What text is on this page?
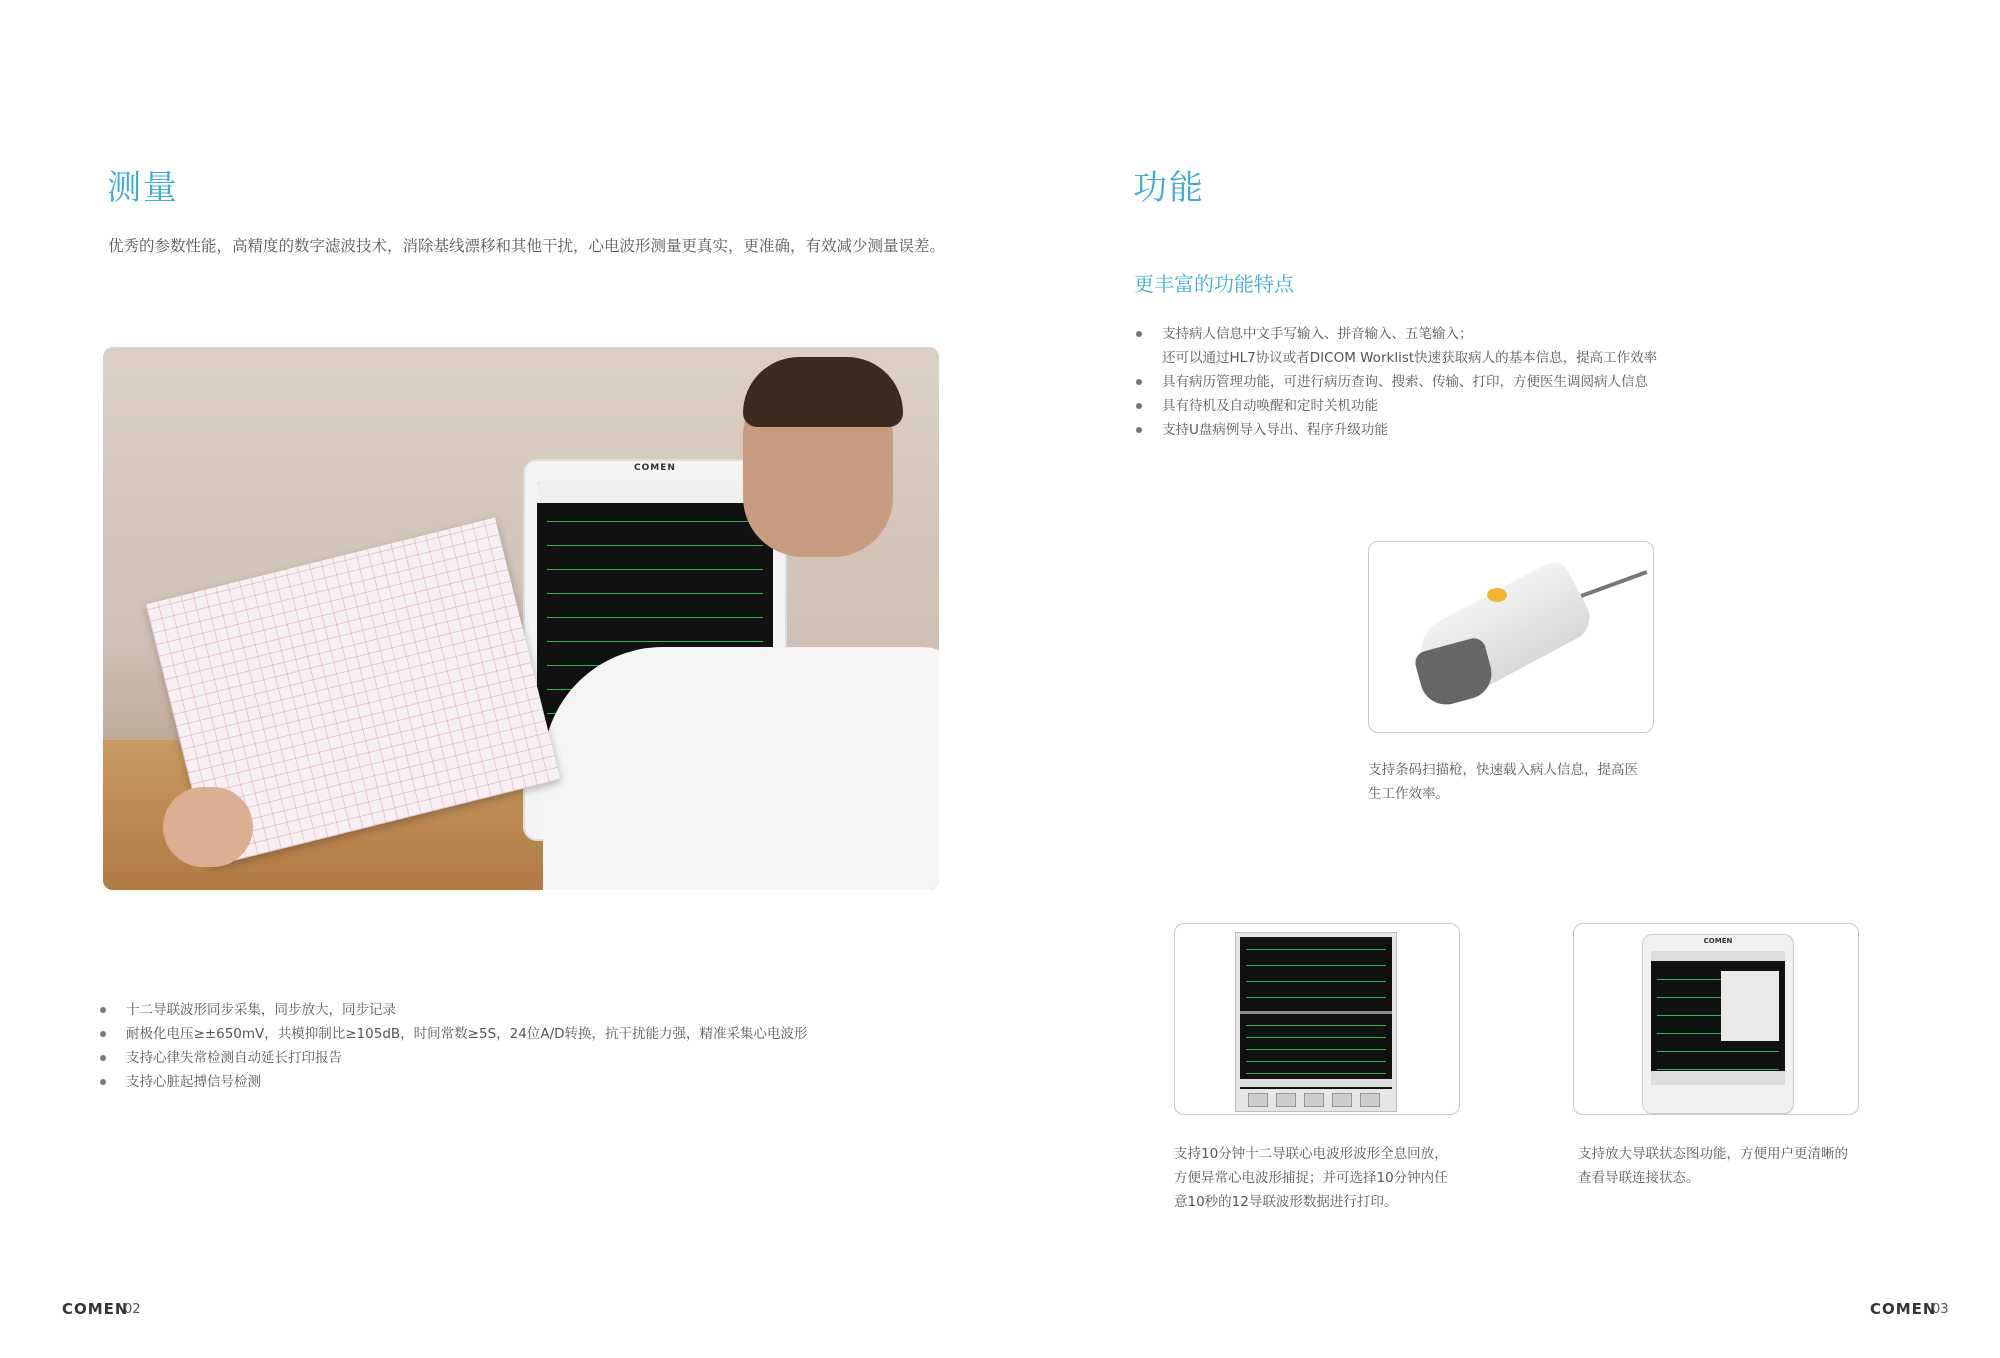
测量
优秀的参数性能，高精度的数字滤波技术，消除基线漂移和其他干扰，心电波形测量更真实，更准确，有效减少测量误差。
COMEN
十二导联波形同步采集，同步放大，同步记录
耐极化电压≥±650mV，共模抑制比≥105dB，时间常数≥5S，24位A/D转换，抗干扰能力强，精准采集心电波形
支持心律失常检测自动延长打印报告
支持心脏起搏信号检测
COMEN
02
功能
更丰富的功能特点
支持病人信息中文手写输入、拼音输入、五笔输入；
还可以通过HL7协议或者DICOM Worklist快速获取病人的基本信息，提高工作效率
具有病历管理功能，可进行病历查询、搜索、传输、打印，方便医生调阅病人信息
具有待机及自动唤醒和定时关机功能
支持U盘病例导入导出、程序升级功能
支持条码扫描枪，快速载入病人信息，提高医
生工作效率。
支持10分钟十二导联心电波形波形全息回放，
方便异常心电波形捕捉；并可选择10分钟内任
意10秒的12导联波形数据进行打印。
COMEN
支持放大导联状态图功能，方便用户更清晰的
查看导联连接状态。
COMEN
03
